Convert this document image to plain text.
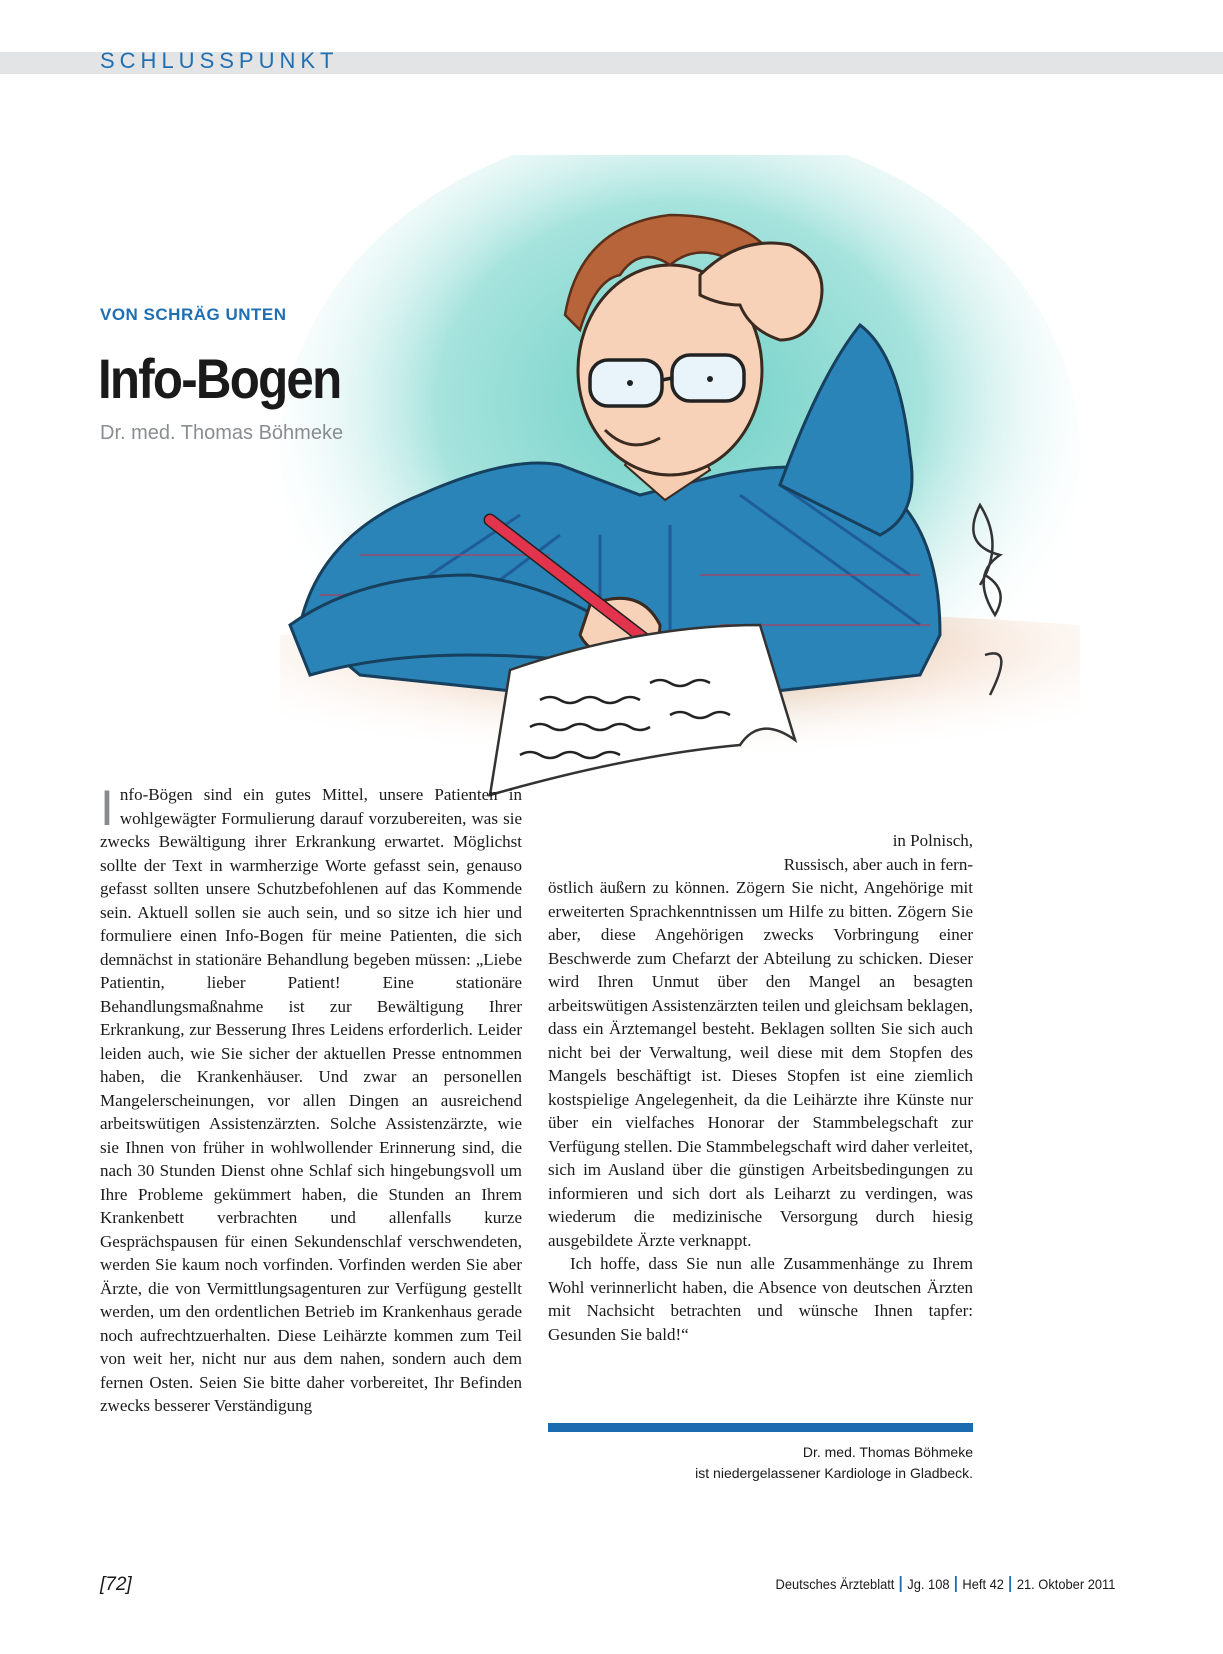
SCHLUSSPUNKT
VON SCHRÄG UNTEN
Info-Bogen
Dr. med. Thomas Böhmeke

Info-Bögen sind ein gutes Mittel, unsere Patienten in wohlgewägter Formulierung darauf vorzubereiten, was sie zwecks Bewältigung ihrer Erkrankung erwartet. Möglichst sollte der Text in warmherzige Worte gefasst sein, genauso gefasst sollten unsere Schutzbefohlenen auf das Kommende sein. Aktuell sollen sie auch sein, und so sitze ich hier und formuliere einen Info-Bogen für meine Patienten, die sich demnächst in stationäre Behandlung begeben müssen: „Liebe Patientin, lieber Patient! Eine stationäre Behandlungsmaßnahme ist zur Bewältigung Ihrer Erkrankung, zur Besserung Ihres Leidens erforderlich. Leider leiden auch, wie Sie sicher der aktuellen Presse entnommen haben, die Krankenhäuser. Und zwar an personellen Mangelerscheinungen, vor allen Dingen an ausreichend arbeitswütigen Assistenzärzten. Solche Assistenzärzte, wie sie Ihnen von früher in wohlwollender Erinnerung sind, die nach 30 Stunden Dienst ohne Schlaf sich hingebungsvoll um Ihre Probleme gekümmert haben, die Stunden an Ihrem Krankenbett verbrachten und allenfalls kurze Gesprächspausen für einen Sekundenschlaf verschwendeten, werden Sie kaum noch vorfinden. Vorfinden werden Sie aber Ärzte, die von Vermittlungsagenturen zur Verfügung gestellt werden, um den ordentlichen Betrieb im Krankenhaus gerade noch aufrechtzuerhalten. Diese Leihärzte kommen zum Teil von weit her, nicht nur aus dem nahen, sondern auch dem fernen Osten. Seien Sie bitte daher vorbereitet, Ihr Befinden zwecks besserer Verständigung

in Polnisch,

Russisch, aber auch in fern-

östlich äußern zu können. Zögern Sie nicht, Angehörige mit erweiterten Sprachkenntnissen um Hilfe zu bitten. Zögern Sie aber, diese Angehörigen zwecks Vorbringung einer Beschwerde zum Chefarzt der Abteilung zu schicken. Dieser wird Ihren Unmut über den Mangel an besagten arbeitswütigen Assistenzärzten teilen und gleichsam beklagen, dass ein Ärztemangel besteht. Beklagen sollten Sie sich auch nicht bei der Verwaltung, weil diese mit dem Stopfen des Mangels beschäftigt ist. Dieses Stopfen ist eine ziemlich kostspielige Angelegenheit, da die Leihärzte ihre Künste nur über ein vielfaches Honorar der Stammbelegschaft zur Verfügung stellen. Die Stammbelegschaft wird daher verleitet, sich im Ausland über die günstigen Arbeitsbedingungen zu informieren und sich dort als Leiharzt zu verdingen, was wiederum die medizinische Versorgung durch hiesig ausgebildete Ärzte verknappt.

Ich hoffe, dass Sie nun alle Zusammenhänge zu Ihrem Wohl verinnerlicht haben, die Absence von deutschen Ärzten mit Nachsicht betrachten und wünsche Ihnen tapfer: Gesunden Sie bald!“

Dr. med. Thomas Böhmeke
ist niedergelassener Kardiologe in Gladbeck.
[72]	Deutsches Ärzteblatt Jg. 108 Heft 42 21. Oktober 2011
